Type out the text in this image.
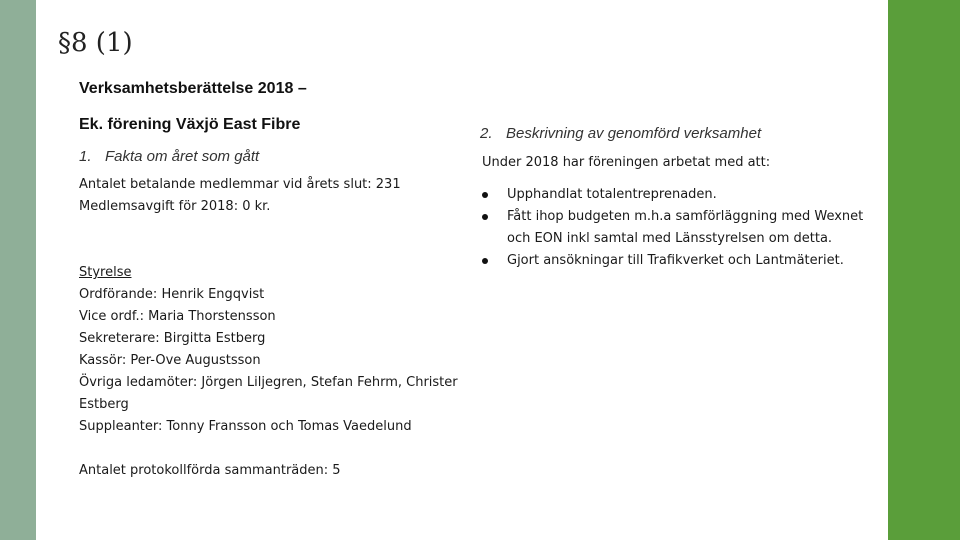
§8 (1)
Verksamhetsberättelse 2018 –
Ek. förening Växjö East Fibre
1. Fakta om året som gått
Antalet betalande medlemmar vid årets slut: 231
Medlemsavgift för 2018: 0 kr.
Styrelse
Ordförande: Henrik Engqvist
Vice ordf.: Maria Thorstensson
Sekreterare: Birgitta Estberg
Kassör: Per-Ove Augustsson
Övriga ledamöter: Jörgen Liljegren, Stefan Fehrm, Christer
Estberg
Suppleanter: Tonny Fransson och Tomas Vaedelund
Antalet protokollförda sammanträden: 5
2. Beskrivning av genomförd verksamhet
Under 2018 har föreningen arbetat med att:
Upphandlat totalentreprenaden.
Fått ihop budgeten m.h.a samförläggning med Wexnet och EON inkl samtal med Länsstyrelsen om detta.
Gjort ansökningar till Trafikverket och Lantmäteriet.
